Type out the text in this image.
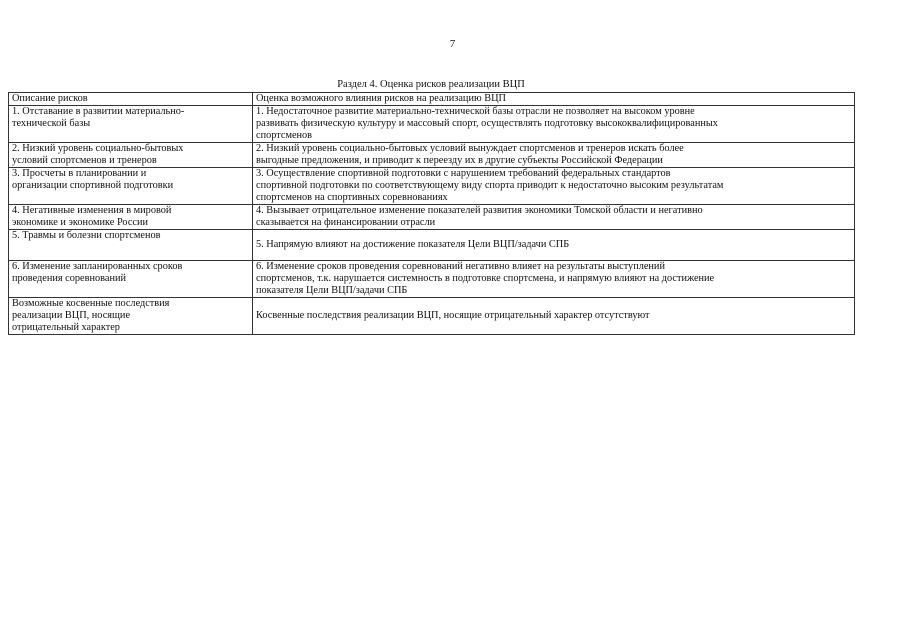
7
Раздел 4. Оценка рисков реализации ВЦП
Описание рисков	Оценка возможного влияния рисков на реализацию ВЦП
1. Отставание в развитии материально-
технической базы	1. Недостаточное развитие материально-технической базы отрасли не позволяет на высоком уровне
развивать физическую культуру и массовый спорт, осуществлять подготовку высококвалифицированных
спортсменов
2. Низкий уровень социально-бытовых
условий спортсменов и тренеров	2. Низкий уровень социально-бытовых условий вынуждает спортсменов и тренеров искать более
выгодные предложения, и приводит к переезду их в другие субъекты Российской Федерации
3. Просчеты в планировании и
организации спортивной подготовки	3. Осуществление спортивной подготовки с нарушением требований федеральных стандартов
спортивной подготовки по соответствующему виду спорта приводит к недостаточно высоким результатам
спортсменов на спортивных соревнованиях
4. Негативные изменения в мировой
экономике и экономике России	4. Вызывает отрицательное изменение показателей развития экономики Томской области и негативно
сказывается на финансировании отрасли
5. Травмы и болезни спортсменов	5. Напрямую влияют на достижение показателя Цели ВЦП/задачи СПБ
6. Изменение запланированных сроков
проведения соревнований	6. Изменение сроков проведения соревнований негативно влияет на результаты выступлений
спортсменов, т.к. нарушается системность в подготовке спортсмена, и напрямую влияют на достижение
показателя Цели ВЦП/задачи СПБ
Возможные косвенные последствия
реализации ВЦП, носящие
отрицательный характер	Косвенные последствия реализации ВЦП, носящие отрицательный характер отсутствуют
